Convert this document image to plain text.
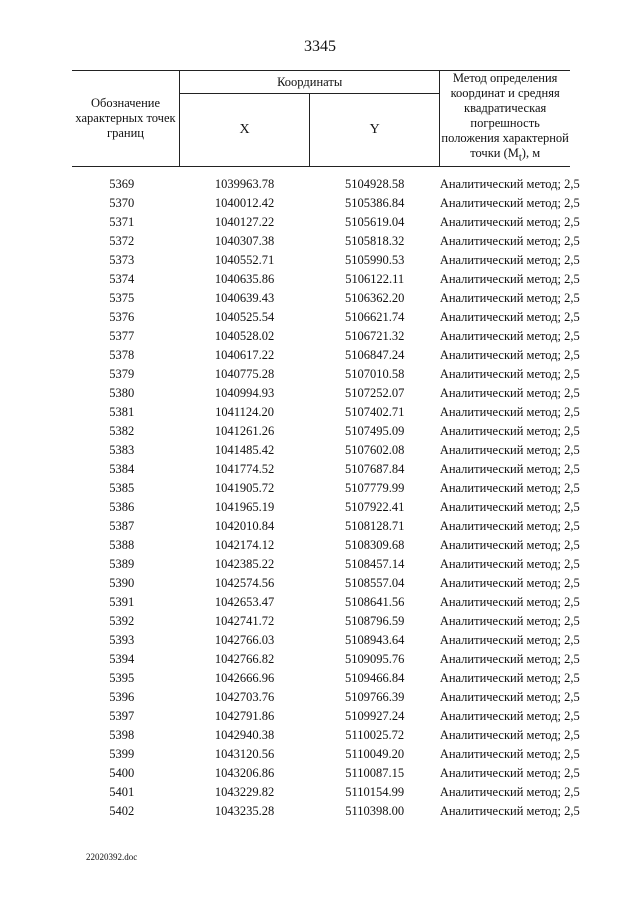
3345
Обозначение характерных точек границ	Координаты		Метод определения координат и средняя квадратическая погрешность положения характерной точки $(M_t)$, м
	X	Y	
5369	1039963.78	5104928.58	Аналитический метод; 2,5
5370	1040012.42	5105386.84	Аналитический метод; 2,5
5371	1040127.22	5105619.04	Аналитический метод; 2,5
5372	1040307.38	5105818.32	Аналитический метод; 2,5
5373	1040552.71	5105990.53	Аналитический метод; 2,5
5374	1040635.86	5106122.11	Аналитический метод; 2,5
5375	1040639.43	5106362.20	Аналитический метод; 2,5
5376	1040525.54	5106621.74	Аналитический метод; 2,5
5377	1040528.02	5106721.32	Аналитический метод; 2,5
5378	1040617.22	5106847.24	Аналитический метод; 2,5
5379	1040775.28	5107010.58	Аналитический метод; 2,5
5380	1040994.93	5107252.07	Аналитический метод; 2,5
5381	1041124.20	5107402.71	Аналитический метод; 2,5
5382	1041261.26	5107495.09	Аналитический метод; 2,5
5383	1041485.42	5107602.08	Аналитический метод; 2,5
5384	1041774.52	5107687.84	Аналитический метод; 2,5
5385	1041905.72	5107779.99	Аналитический метод; 2,5
5386	1041965.19	5107922.41	Аналитический метод; 2,5
5387	1042010.84	5108128.71	Аналитический метод; 2,5
5388	1042174.12	5108309.68	Аналитический метод; 2,5
5389	1042385.22	5108457.14	Аналитический метод; 2,5
5390	1042574.56	5108557.04	Аналитический метод; 2,5
5391	1042653.47	5108641.56	Аналитический метод; 2,5
5392	1042741.72	5108796.59	Аналитический метод; 2,5
5393	1042766.03	5108943.64	Аналитический метод; 2,5
5394	1042766.82	5109095.76	Аналитический метод; 2,5
5395	1042666.96	5109466.84	Аналитический метод; 2,5
5396	1042703.76	5109766.39	Аналитический метод; 2,5
5397	1042791.86	5109927.24	Аналитический метод; 2,5
5398	1042940.38	5110025.72	Аналитический метод; 2,5
5399	1043120.56	5110049.20	Аналитический метод; 2,5
5400	1043206.86	5110087.15	Аналитический метод; 2,5
5401	1043229.82	5110154.99	Аналитический метод; 2,5
5402	1043235.28	5110398.00	Аналитический метод; 2,5
22020392.doc
